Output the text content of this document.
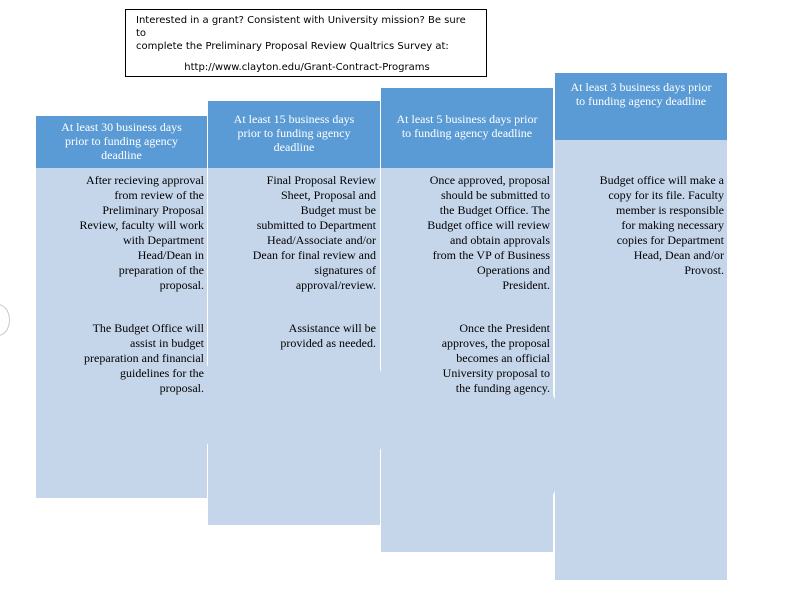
Interested in a grant? Consistent with University mission? Be sure to
complete the Preliminary Proposal Review Qualtrics Survey at:
http://www.clayton.edu/Grant-Contract-Programs
At least 30 business days
prior to funding agency
deadline
At least 15 business days
prior to funding agency
deadline
At least 5 business days prior
to funding agency deadline
At least 3 business days prior
to funding agency deadline
After recieving approval
from review of the
Preliminary Proposal
Review, faculty will work
with Department
Head/Dean in
preparation of the
proposal.
The Budget Office will
assist in budget
preparation and financial
guidelines for the
proposal.
Final Proposal Review
Sheet, Proposal and
Budget must be
submitted to Department
Head/Associate and/or
Dean for final review and
signatures of
approval/review.
Assistance will be
provided as needed.
Once approved, proposal
should be submitted to
the Budget Office. The
Budget office will review
and obtain approvals
from the VP of Business
Operations and
President.
Once the President
approves, the proposal
becomes an official
University proposal to
the funding agency.
Budget office will make a
copy for its file. Faculty
member is responsible
for making necessary
copies for Department
Head, Dean and/or
Provost.
